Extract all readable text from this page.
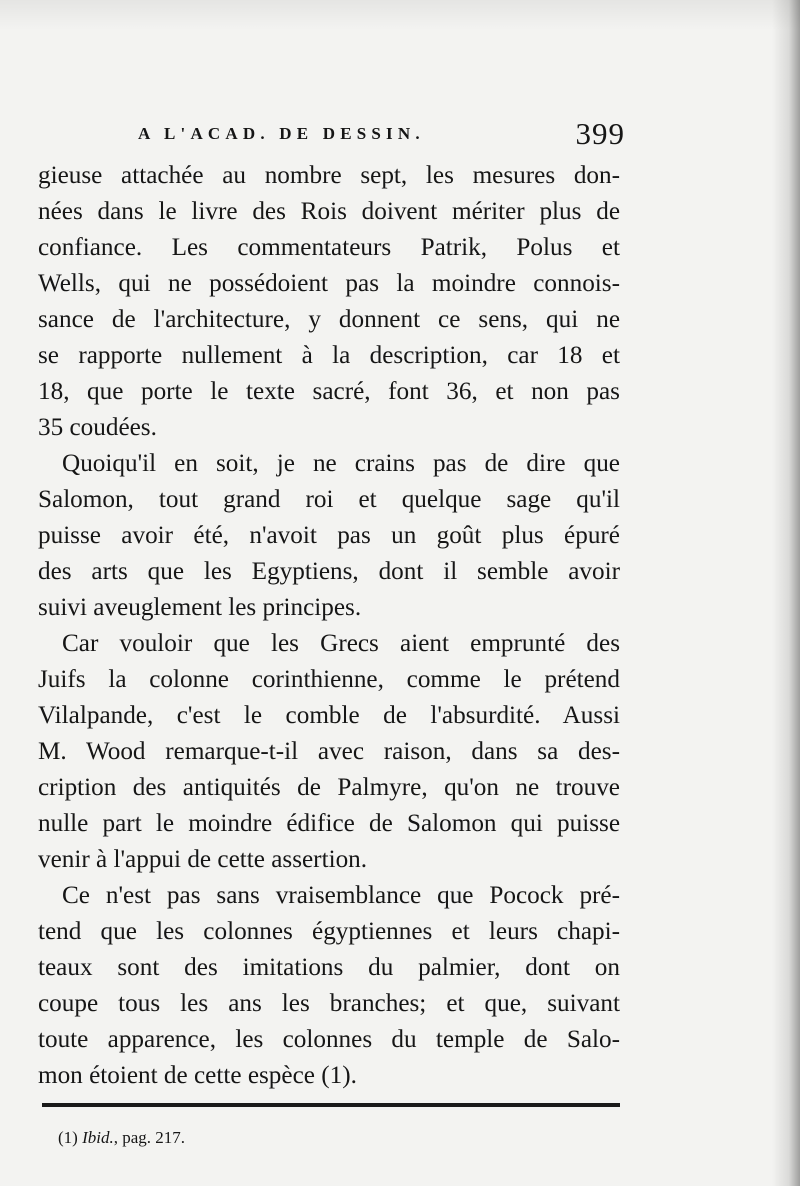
A L'ACAD. DE DESSIN.	399

gieuse attachée au nombre sept, les mesures don-
nées dans le livre des Rois doivent mériter plus de
confiance. Les commentateurs Patrik, Polus et
Wells, qui ne possédoient pas la moindre connois-
sance de l'architecture, y donnent ce sens, qui ne
se rapporte nullement à la description, car 18 et
18, que porte le texte sacré, font 36, et non pas
35 coudées.

Quoiqu'il en soit, je ne crains pas de dire que
Salomon, tout grand roi et quelque sage qu'il
puisse avoir été, n'avoit pas un goût plus épuré
des arts que les Egyptiens, dont il semble avoir
suivi aveuglement les principes.

Car vouloir que les Grecs aient emprunté des
Juifs la colonne corinthienne, comme le prétend
Vilalpande, c'est le comble de l'absurdité. Aussi
M. Wood remarque-t-il avec raison, dans sa des-
cription des antiquités de Palmyre, qu'on ne trouve
nulle part le moindre édifice de Salomon qui puisse
venir à l'appui de cette assertion.

Ce n'est pas sans vraisemblance que Pocock pré-
tend que les colonnes égyptiennes et leurs chapi-
teaux sont des imitations du palmier, dont on
coupe tous les ans les branches; et que, suivant
toute apparence, les colonnes du temple de Salo-
mon étoient de cette espèce (1).

(1) Ibid., pag. 217.
